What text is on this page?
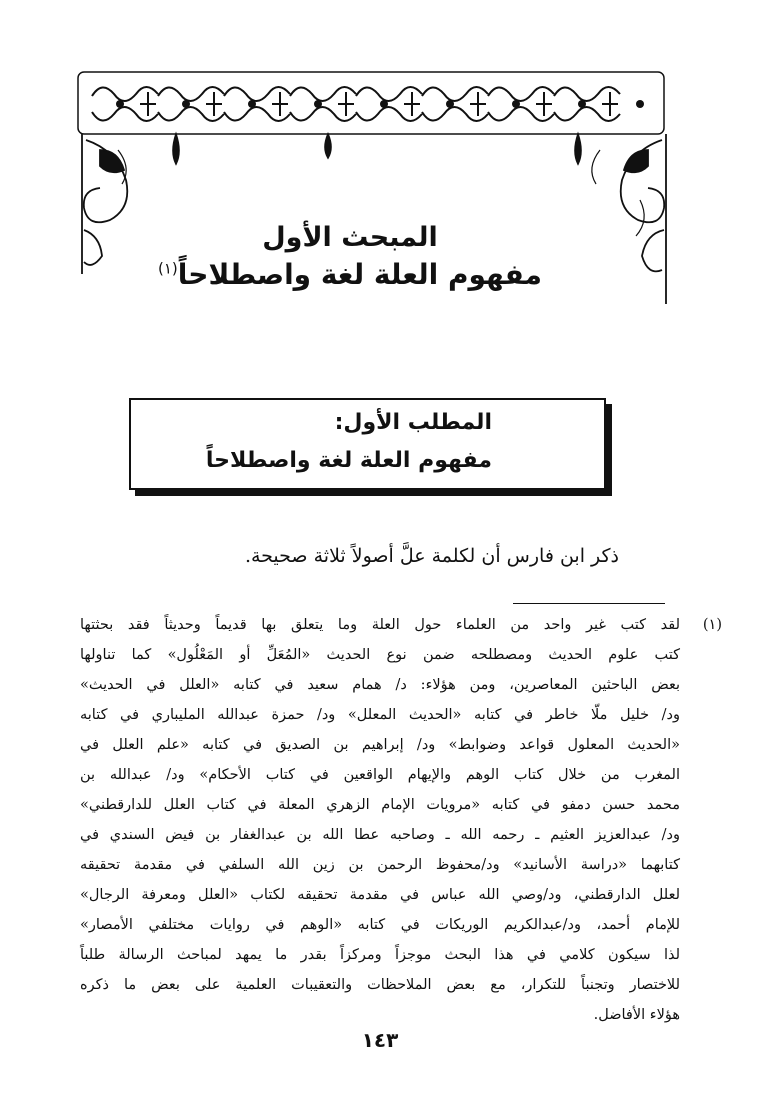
المبحث الأول
مفهوم العلة لغة واصطلاحاً$^{(١)}$
المطلب الأول:
مفهوم العلة لغة واصطلاحاً
ذكر ابن فارس أن لكلمة علَّ أصولاً ثلاثة صحيحة.
(١)
لقد كتب غير واحد من العلماء حول العلة وما يتعلق بها قديماً وحديثاً فقد بحثتها
كتب علوم الحديث ومصطلحه ضمن نوع الحديث «المُعَلِّ أو المَعْلُول» كما تناولها
بعض الباحثين المعاصرين، ومن هؤلاء: د/ همام سعيد في كتابه «العلل في الحديث»
ود/ خليل ملّا خاطر في كتابه «الحديث المعلل» ود/ حمزة عبدالله المليباري في كتابه
«الحديث المعلول قواعد وضوابط» ود/ إبراهيم بن الصديق في كتابه «علم العلل في
المغرب من خلال كتاب الوهم والإيهام الواقعين في كتاب الأحكام» ود/ عبدالله بن
محمد حسن دمفو في كتابه «مرويات الإمام الزهري المعلة في كتاب العلل للدارقطني»
ود/ عبدالعزيز العثيم ـ رحمه الله ـ وصاحبه عطا الله بن عبدالغفار بن فيض السندي في
كتابهما «دراسة الأسانيد» ود/محفوظ الرحمن بن زين الله السلفي في مقدمة تحقيقه
لعلل الدارقطني، ود/وصي الله عباس في مقدمة تحقيقه لكتاب «العلل ومعرفة الرجال»
للإمام أحمد، ود/عبدالكريم الوريكات في كتابه «الوهم في روايات مختلفي الأمصار»
لذا سيكون كلامي في هذا البحث موجزاً ومركزاً بقدر ما يمهد لمباحث الرسالة طلباً
للاختصار وتجنباً للتكرار، مع بعض الملاحظات والتعقيبات العلمية على بعض ما ذكره
هؤلاء الأفاضل.
١٤٣
